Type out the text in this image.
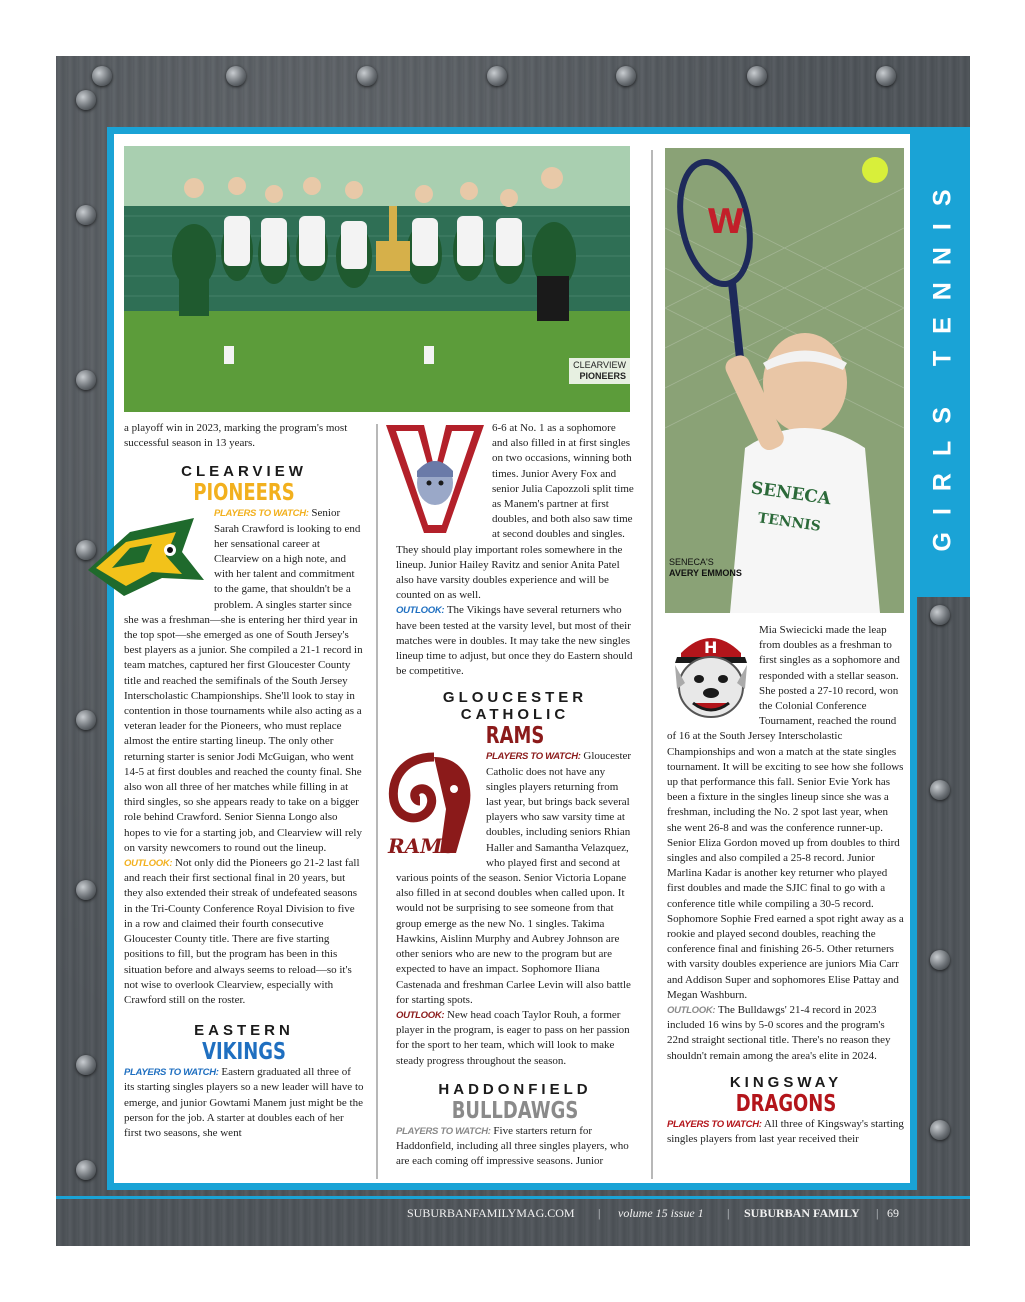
GIRLS TENNIS
CLEARVIEW
PIONEERS
W
SENECA
TENNIS
SENECA'S
AVERY EMMONS

a playoff win in 2023, marking the program's most successful season in 13 years.

CLEARVIEW

PIONEERS

PLAYERS TO WATCH: Senior Sarah Crawford is looking to end her sensational career at Clearview on a high note, and with her talent and commitment to the game, that shouldn't be a problem. A singles starter since she was a freshman—she is entering her third year in the top spot—she emerged as one of South Jersey's best players as a junior. She compiled a 21-1 record in team matches, captured her first Gloucester County title and reached the semifinals of the South Jersey Interscholastic Championships. She'll look to stay in contention in those tournaments while also acting as a veteran leader for the Pioneers, who must replace almost the entire starting lineup. The only other returning starter is senior Jodi McGuigan, who went 14-5 at first doubles and reached the county final. She also won all three of her matches while filling in at third singles, so she appears ready to take on a bigger role behind Crawford. Senior Sienna Longo also hopes to vie for a starting job, and Clearview will rely on varsity newcomers to round out the lineup.

OUTLOOK: Not only did the Pioneers go 21-2 last fall and reach their first sectional final in 20 years, but they also extended their streak of undefeated seasons in the Tri-County Conference Royal Division to five in a row and claimed their fourth consecutive Gloucester County title. There are five starting positions to fill, but the program has been in this situation before and always seems to reload—so it's not wise to overlook Clearview, especially with Crawford still on the roster.

EASTERN

VIKINGS

PLAYERS TO WATCH: Eastern graduated all three of its starting singles players so a new leader will have to emerge, and junior Gowtami Manem just might be the person for the job. A starter at doubles each of her first two seasons, she went

6-6 at No. 1 as a sophomore and also filled in at first singles on two occasions, winning both times. Junior Avery Fox and senior Julia Capozzoli split time as Manem's partner at first doubles, and both also saw time at second doubles and singles. They should play important roles somewhere in the lineup. Junior Hailey Ravitz and senior Anita Patel also have varsity doubles experience and will be counted on as well.

OUTLOOK: The Vikings have several returners who have been tested at the varsity level, but most of their matches were in doubles. It may take the new singles lineup time to adjust, but once they do Eastern should be competitive.

GLOUCESTER

CATHOLIC

RAMS

RAMS

PLAYERS TO WATCH: Gloucester Catholic does not have any singles players returning from last year, but brings back several players who saw varsity time at doubles, including seniors Rhian Haller and Samantha Velazquez, who played first and second at various points of the season. Senior Victoria Lopane also filled in at second doubles when called upon. It would not be surprising to see someone from that group emerge as the new No. 1 singles. Takima Hawkins, Aislinn Murphy and Aubrey Johnson are other seniors who are new to the program but are expected to have an impact. Sophomore Iliana Castenada and freshman Carlee Levin will also battle for starting spots.

OUTLOOK: New head coach Taylor Rouh, a former player in the program, is eager to pass on her passion for the sport to her team, which will look to make steady progress throughout the season.

HADDONFIELD

BULLDAWGS

PLAYERS TO WATCH: Five starters return for Haddonfield, including all three singles players, who are each coming off impressive seasons. Junior

H

Mia Swiecicki made the leap from doubles as a freshman to first singles as a sophomore and responded with a stellar season. She posted a 27-10 record, won the Colonial Conference Tournament, reached the round of 16 at the South Jersey Interscholastic Championships and won a match at the state singles tournament. It will be exciting to see how she follows up that performance this fall. Senior Evie York has been a fixture in the singles lineup since she was a freshman, including the No. 2 spot last year, when she went 26-8 and was the conference runner-up. Senior Eliza Gordon moved up from doubles to third singles and also compiled a 25-8 record. Junior Marlina Kadar is another key returner who played first doubles and made the SJIC final to go with a conference title while compiling a 30-5 record. Sophomore Sophie Fred earned a spot right away as a rookie and played second doubles, reaching the conference final and finishing 26-5. Other returners with varsity doubles experience are juniors Mia Carr and Addison Super and sophomores Elise Pattay and Megan Washburn.

OUTLOOK: The Bulldawgs' 21-4 record in 2023 included 16 wins by 5-0 scores and the program's 22nd straight sectional title. There's no reason they shouldn't remain among the area's elite in 2024.

KINGSWAY

DRAGONS

PLAYERS TO WATCH: All three of Kingsway's starting singles players from last year received their

SUBURBANFAMILYMAG.COM | volume 15 issue 1 | SUBURBAN FAMILY | 69
